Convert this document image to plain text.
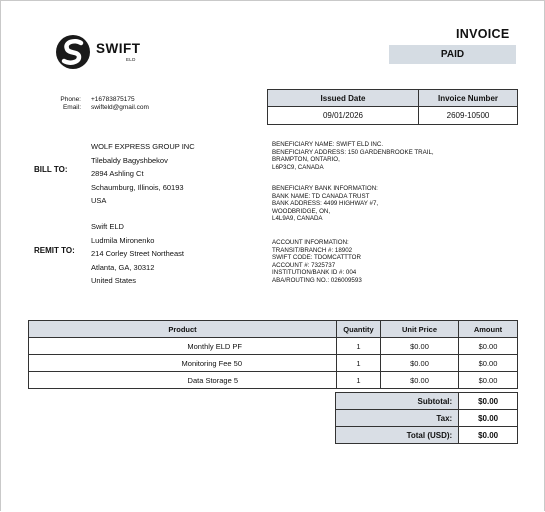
SWIFT
ELD
INVOICE
PAID
Phone: +16783875175
Email: swifteld@gmail.com
Issued Date	Invoice Number
09/01/2026	2609-10500
BILL TO:
WOLF EXPRESS GROUP INC
Tilebaldy Bagyshbekov
2894 Ashling Ct
Schaumburg, Illinois, 60193
USA
REMIT TO:
Swift ELD
Ludmila Mironenko
214 Corley Street Northeast
Atlanta, GA, 30312
United States
BENEFICIARY NAME: SWIFT ELD INC.
BENEFICIARY ADDRESS: 150 GARDENBROOKE TRAIL,
BRAMPTON, ONTARIO,
L6P3C9, CANADA
BENEFICIARY BANK INFORMATION:
BANK NAME: TD CANADA TRUST
BANK ADDRESS: 4499 HIGHWAY #7,
WOODBRIDGE, ON,
L4L9A9, CANADA
ACCOUNT INFORMATION:
TRANSIT/BRANCH #: 18902
SWIFT CODE: TDOMCATTTOR
ACCOUNT #: 7325737
INSTITUTION/BANK ID #: 004
ABA/ROUTING NO.: 026009593
Product	Quantity	Unit Price	Amount
Monthly ELD PF	1	$0.00	$0.00
Monitoring Fee 50	1	$0.00	$0.00
Data Storage 5	1	$0.00	$0.00
Subtotal:	$0.00
Tax:	$0.00
Total (USD):	$0.00
